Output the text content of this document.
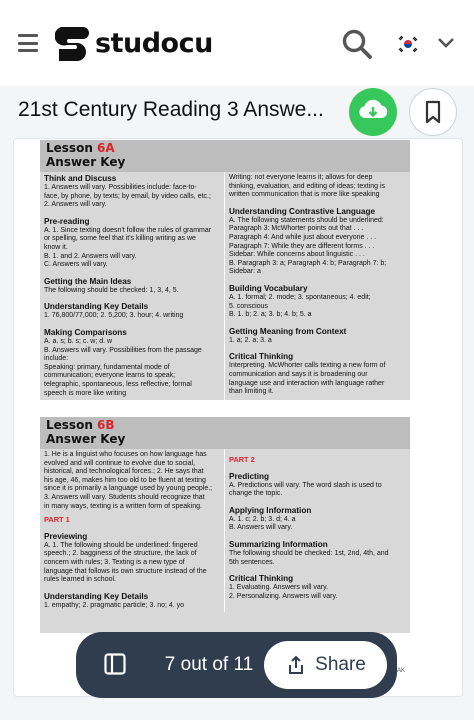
studocu
21st Century Reading 3 Answe...
Lesson 6A
Answer Key
Think and Discuss
1. Answers will vary. Possibilities include: face-to-
face, by phone, by texts; by email, by video calls, etc.;
2. Answers will vary.
Pre-reading
A. 1. Since texting doesn't follow the rules of grammar
or spelling, some feel that it's killing writing as we
know it.
B. 1. and 2. Answers will vary.
C. Answers will vary.
Getting the Main Ideas
The following should be checked: 1, 3, 4, 5.
Understanding Key Details
1. 76,800/77,000; 2. 5,200; 3. hour; 4. writing
Making Comparisons
A. a. s; b. s; c. w; d. w
B. Answers will vary. Possibilities from the passage
include:
Speaking: primary, fundamental mode of
communication; everyone learns to speak;
telegraphic, spontaneous, less reflective; formal
speech is more like writing
Writing: not everyone learns it; allows for deep
thinking, evaluation, and editing of ideas; texting is
written communication that is more like speaking
Understanding Contrastive Language
A. The following statements should be underlined:
Paragraph 3: McWhorter points out that . . .
Paragraph 4: And while just about everyone . . .
Paragraph 7: While they are different forms . . .
Sidebar: While concerns about linguistic . . .
B. Paragraph 3: a; Paragraph 4: b; Paragraph 7: b;
Sidebar: a
Building Vocabulary
A. 1. formal; 2. mode; 3. spontaneous; 4. edit;
5. conscious
B. 1. b; 2. a; 3. b; 4. b; 5. a
Getting Meaning from Context
1. a; 2. a; 3. a
Critical Thinking
Interpreting. McWhorter calls texting a new form of
communication and says it is broadening our
language use and interaction with language rather
than limiting it.
Lesson 6B
Answer Key
1. He is a linguist who focuses on how language has
evolved and will continue to evolve due to social,
historical, and technological forces.; 2. He says that
his age, 46, makes him too old to be fluent at texting
since it is primarily a language used by young people.;
3. Answers will vary. Students should recognize that
in many ways, texting is a written form of speaking.
PART 1
Previewing
A. 1. The following should be underlined: fingered
speech.; 2. bagginess of the structure, the lack of
concern with rules; 3. Texting is a new type of
language that follows its own structure instead of the
rules learned in school.
Understanding Key Details
1. empathy; 2. pragmatic particle; 3. no; 4. yo
PART 2
Predicting
A. Predictions will vary. The word slash is used to
change the topic.
Applying Information
A. 1. c; 2. b; 3. d; 4. a
B. Answers will vary.
Summarizing Information
The following should be checked: 1st, 2nd, 4th, and
5th sentences.
Critical Thinking
1. Evaluating. Answers will vary.
2. Personalizing. Answers will vary.
AK
7 out of 11	Share
